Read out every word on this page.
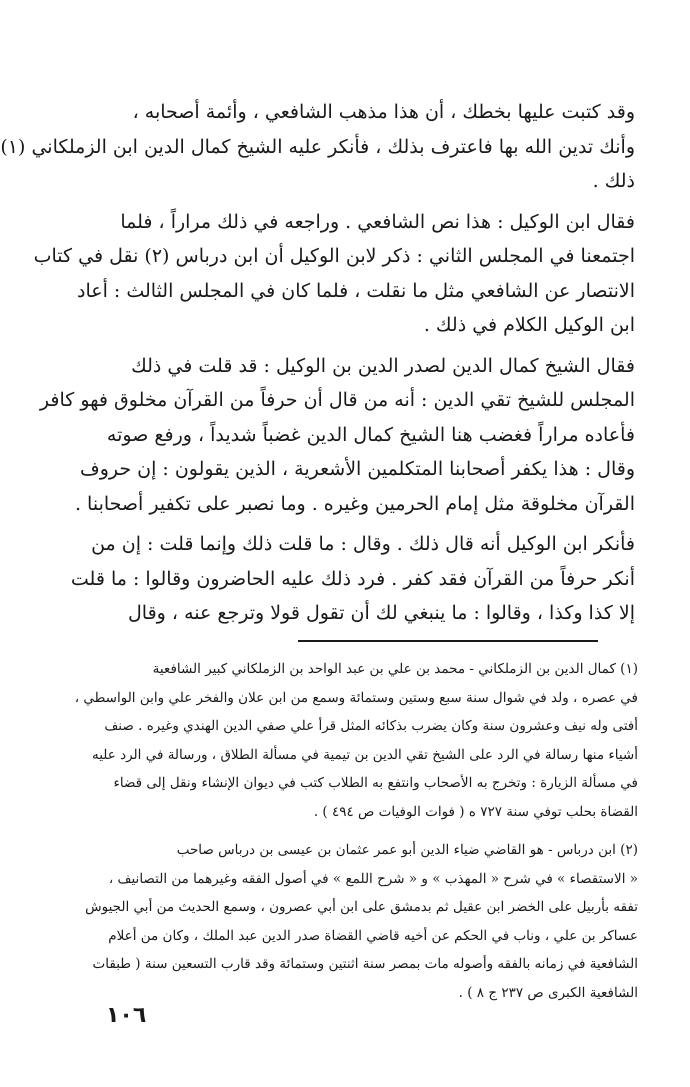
وقد كتبت عليها بخطك ، أن هذا مذهب الشافعي ، وأئمة أصحابه ،
وأنك تدين الله بها فاعترف بذلك ، فأنكر عليه الشيخ كمال الدين ابن الزملكاني (١)
ذلك .

فقال ابن الوكيل : هذا نص الشافعي . وراجعه في ذلك مراراً ، فلما
اجتمعنا في المجلس الثاني : ذكر لابن الوكيل أن ابن درباس (٢) نقل في كتاب
الانتصار عن الشافعي مثل ما نقلت ، فلما كان في المجلس الثالث : أعاد
ابن الوكيل الكلام في ذلك .

فقال الشيخ كمال الدين لصدر الدين بن الوكيل : قد قلت في ذلك
المجلس للشيخ تقي الدين : أنه من قال أن حرفاً من القرآن مخلوق فهو كافر
فأعاده مراراً فغضب هنا الشيخ كمال الدين غضباً شديداً ، ورفع صوته
وقال : هذا يكفر أصحابنا المتكلمين الأشعرية ، الذين يقولون : إن حروف
القرآن مخلوقة مثل إمام الحرمين وغيره . وما نصبر على تكفير أصحابنا .

فأنكر ابن الوكيل أنه قال ذلك . وقال : ما قلت ذلك وإنما قلت : إن من
أنكر حرفاً من القرآن فقد كفر . فرد ذلك عليه الحاضرون وقالوا : ما قلت
إلا كذا وكذا ، وقالوا : ما ينبغي لك أن تقول قولا وترجع عنه ، وقال

(١) كمال الدين بن الزملكاني - محمد بن علي بن عبد الواحد بن الزملكاني كبير الشافعية
في عصره ، ولد في شوال سنة سبع وستين وستمائة وسمع من ابن علان والفخر علي وابن الواسطي ،
أفتى وله نيف وعشرون سنة وكان يضرب بذكائه المثل قرأ علي صفي الدين الهندي وغيره . صنف
أشياء منها رسالة في الرد على الشيخ تقي الدين بن تيمية في مسألة الطلاق ، ورسالة في الرد عليه
في مسألة الزيارة : وتخرج به الأصحاب وانتفع به الطلاب كتب في ديوان الإنشاء ونقل إلى قضاء
القضاة بحلب توفي سنة ٧٢٧ ه ( فوات الوفيات ص ٤٩٤ ) .

(٢) ابن درباس - هو القاضي ضياء الدين أبو عمر عثمان بن عيسى بن درباس صاحب
« الاستقصاء » في شرح « المهذب » و « شرح اللمع » في أصول الفقه وغيرهما من التصانيف ،
تفقه بأربيل على الخضر ابن عقيل ثم بدمشق على ابن أبي عصرون ، وسمع الحديث من أبي الجيوش
عساكر بن علي ، وناب في الحكم عن أخيه قاضي القضاة صدر الدين عبد الملك ، وكان من أعلام
الشافعية في زمانه بالفقه وأصوله مات بمصر سنة اثنتين وستمائة وقد قارب التسعين سنة ( طبقات
الشافعية الكبرى ص ٢٣٧ ج ٨ ) .

١٠٦
